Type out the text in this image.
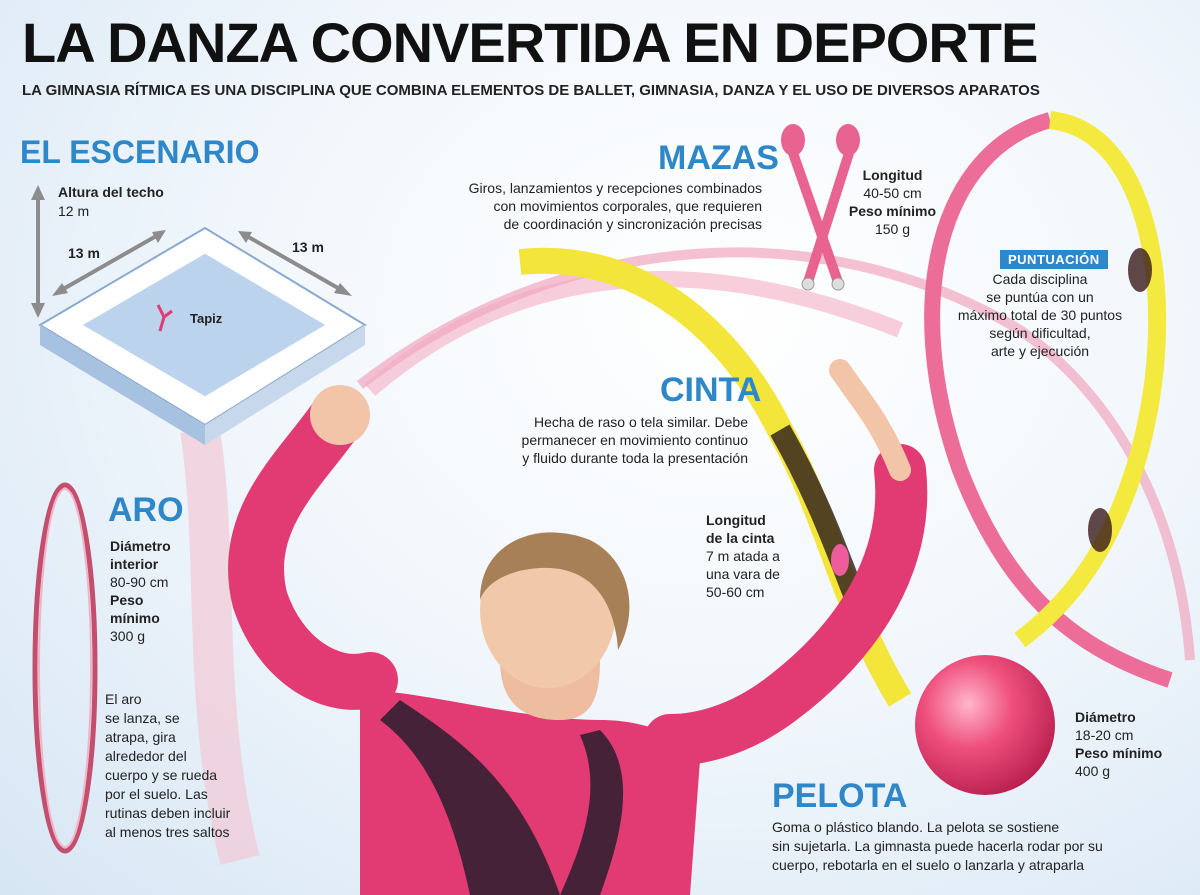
LA DANZA CONVERTIDA EN DEPORTE
LA GIMNASIA RÍTMICA ES UNA DISCIPLINA QUE COMBINA ELEMENTOS DE BALLET, GIMNASIA, DANZA Y EL USO DE DIVERSOS APARATOS
EL ESCENARIO
Altura del techo
12 m
13 m	13 m
Tapiz
MAZAS
Giros, lanzamientos y recepciones combinados
con movimientos corporales, que requieren
de coordinación y sincronización precisas
Longitud
40-50 cm
Peso mínimo
150 g
PUNTUACIÓN
Cada disciplina
se puntúa con un
máximo total de 30 puntos
según dificultad,
arte y ejecución
CINTA
Hecha de raso o tela similar. Debe
permanecer en movimiento continuo
y fluido durante toda la presentación
Longitud
de la cinta
7 m atada a
una vara de
50-60 cm
ARO
Diámetro
interior
80-90 cm
Peso
mínimo
300 g
El aro
se lanza, se
atrapa, gira
alrededor del
cuerpo y se rueda
por el suelo. Las
rutinas deben incluir
al menos tres saltos
Diámetro
18-20 cm
Peso mínimo
400 g
PELOTA
Goma o plástico blando. La pelota se sostiene
sin sujetarla. La gimnasta puede hacerla rodar por su
cuerpo, rebotarla en el suelo o lanzarla y atraparla
